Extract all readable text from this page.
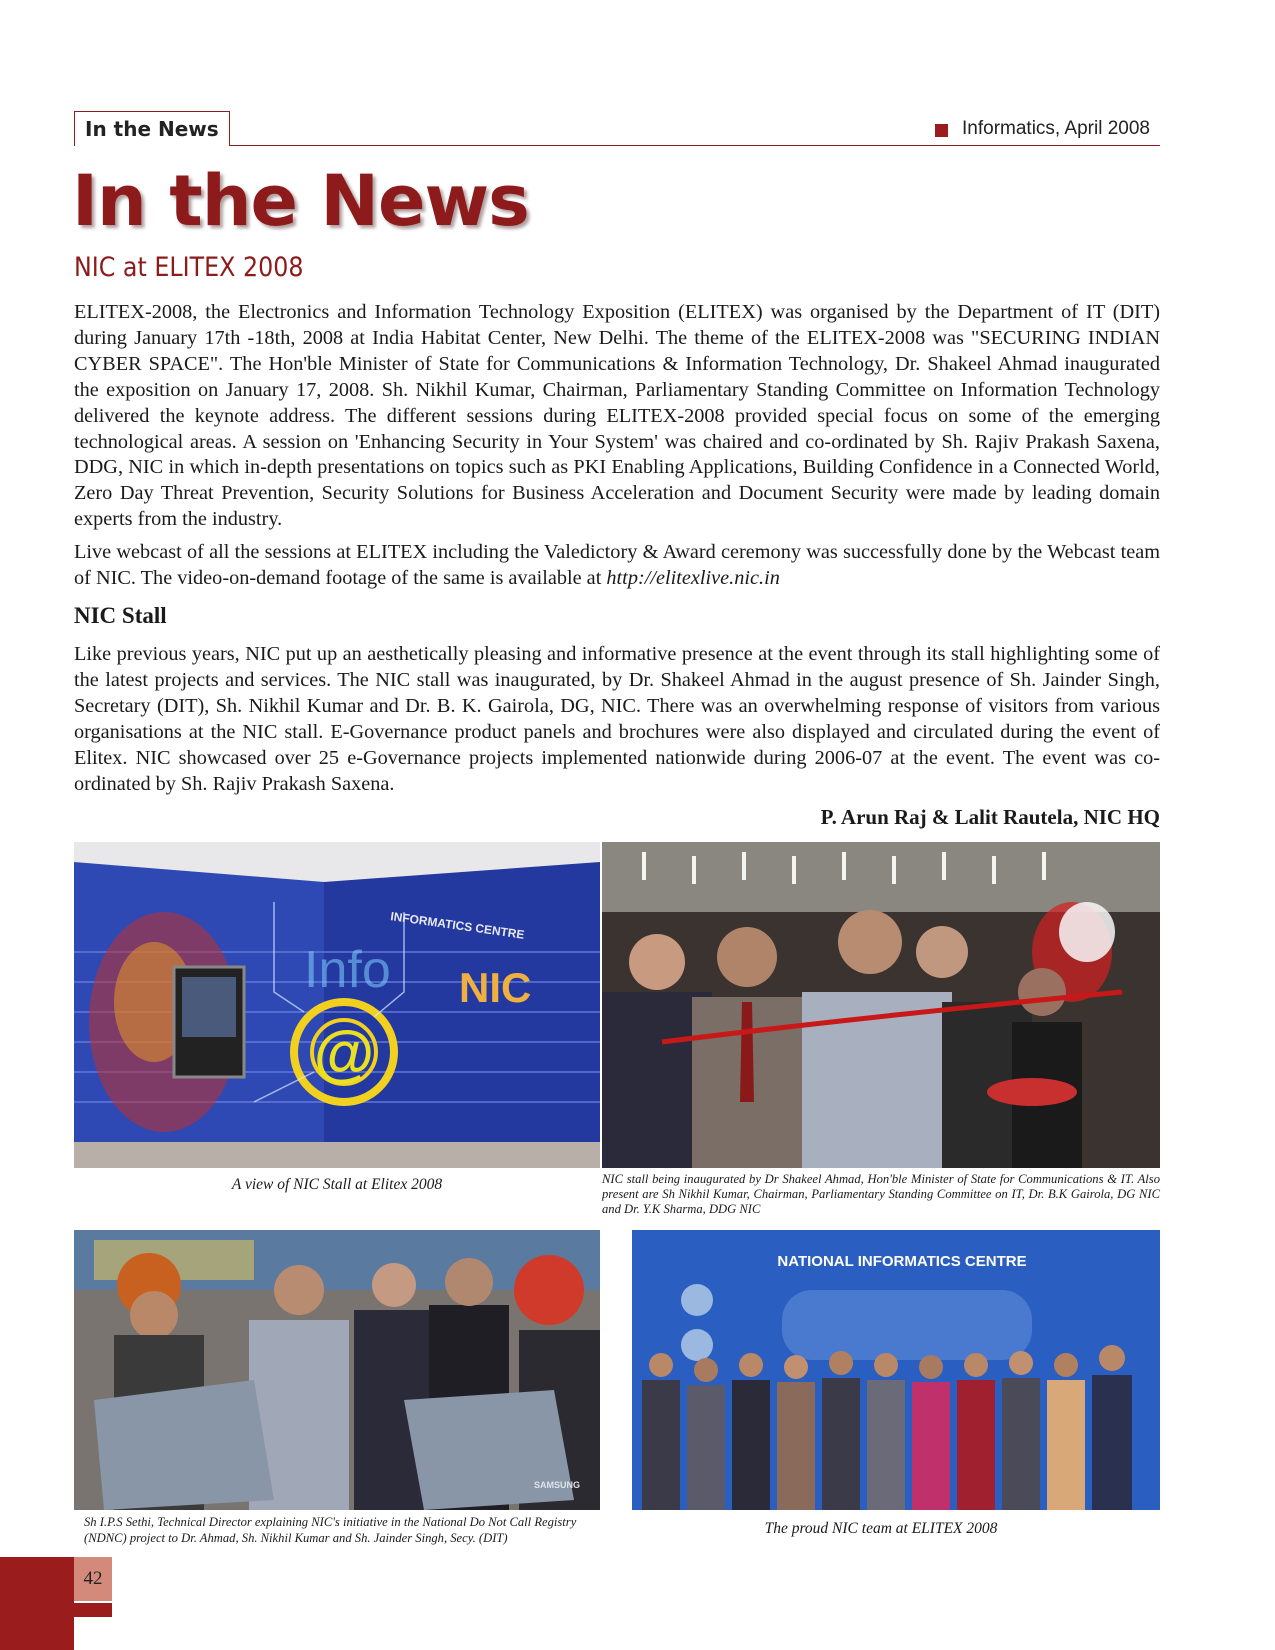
In the News	Informatics, April 2008
In the News
NIC at ELITEX 2008

ELITEX-2008, the Electronics and Information Technology Exposition (ELITEX) was organised by the Department of IT (DIT) during January 17th -18th, 2008 at India Habitat Center, New Delhi. The theme of the ELITEX-2008 was "SECURING INDIAN CYBER SPACE". The Hon'ble Minister of State for Communications & Information Technology, Dr. Shakeel Ahmad inaugurated the exposition on January 17, 2008. Sh. Nikhil Kumar, Chairman, Parliamentary Standing Committee on Information Technology delivered the keynote address. The different sessions during ELITEX-2008 provided special focus on some of the emerging technological areas. A session on 'Enhancing Security in Your System' was chaired and co-ordinated by Sh. Rajiv Prakash Saxena, DDG, NIC in which in-depth presentations on topics such as PKI Enabling Applications, Building Confidence in a Connected World, Zero Day Threat Prevention, Security Solutions for Business Acceleration and Document Security were made by leading domain experts from the industry.

Live webcast of all the sessions at ELITEX including the Valedictory & Award ceremony was successfully done by the Webcast team of NIC. The video-on-demand footage of the same is available at http://elitexlive.nic.in

NIC Stall

Like previous years, NIC put up an aesthetically pleasing and informative presence at the event through its stall highlighting some of the latest projects and services. The NIC stall was inaugurated, by Dr. Shakeel Ahmad in the august presence of Sh. Jainder Singh, Secretary (DIT), Sh. Nikhil Kumar and Dr. B. K. Gairola, DG, NIC. There was an overwhelming response of visitors from various organisations at the NIC stall. E-Governance product panels and brochures were also displayed and circulated during the event of Elitex. NIC showcased over 25 e-Governance projects implemented nationwide during 2006-07 at the event. The event was co-ordinated by Sh. Rajiv Prakash Saxena.

P. Arun Raj & Lalit Rautela, NIC HQ

@
Info NIC
INFORMATICS CENTRE
SAMSUNG
NATIONAL INFORMATICS CENTRE

A view of NIC Stall at Elitex 2008	NIC stall being inaugurated by Dr Shakeel Ahmad, Hon'ble Minister of State for Communications & IT. Also present are Sh Nikhil Kumar, Chairman, Parliamentary Standing Committee on IT, Dr. B.K Gairola, DG NIC and Dr. Y.K Sharma, DDG NIC

Sh I.P.S Sethi, Technical Director explaining NIC's initiative in the National Do Not Call Registry (NDNC) project to Dr. Ahmad, Sh. Nikhil Kumar and Sh. Jainder Singh, Secy. (DIT)

The proud NIC team at ELITEX 2008

42
